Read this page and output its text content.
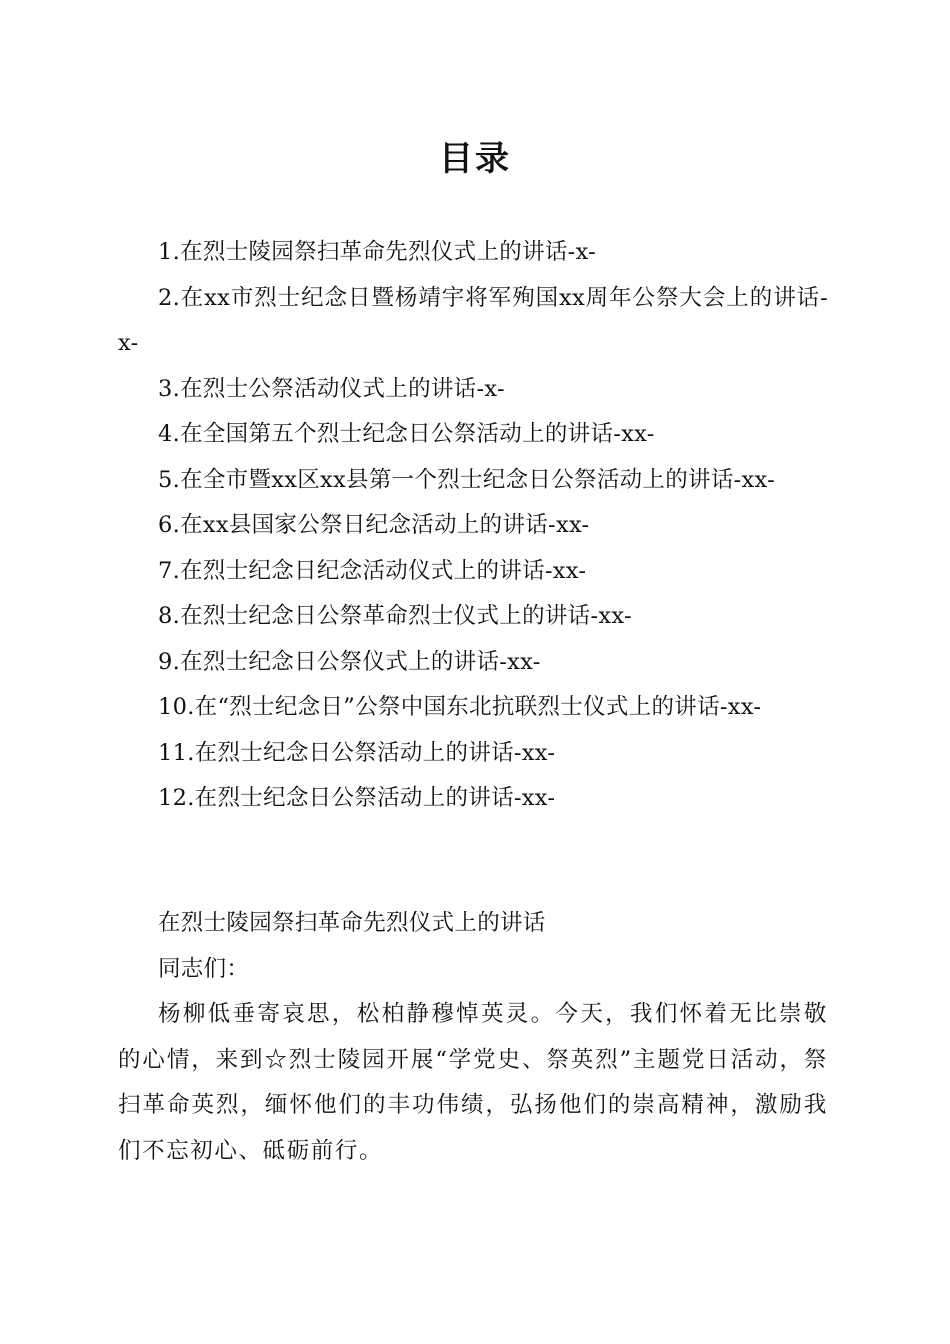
目录
1.在烈士陵园祭扫革命先烈仪式上的讲话-x-
2.在xx市烈士纪念日暨杨靖宇将军殉国xx周年公祭大会上的讲话-x-
3.在烈士公祭活动仪式上的讲话-x-
4.在全国第五个烈士纪念日公祭活动上的讲话-xx-
5.在全市暨xx区xx县第一个烈士纪念日公祭活动上的讲话-xx-
6.在xx县国家公祭日纪念活动上的讲话-xx-
7.在烈士纪念日纪念活动仪式上的讲话-xx-
8.在烈士纪念日公祭革命烈士仪式上的讲话-xx-
9.在烈士纪念日公祭仪式上的讲话-xx-
10.在“烈士纪念日”公祭中国东北抗联烈士仪式上的讲话-xx-
11.在烈士纪念日公祭活动上的讲话-xx-
12.在烈士纪念日公祭活动上的讲话-xx-

在烈士陵园祭扫革命先烈仪式上的讲话

同志们：

杨柳低垂寄哀思，松柏静穆悼英灵。今天，我们怀着无比崇敬的心情，来到☆烈士陵园开展“学党史、祭英烈”主题党日活动，祭扫革命英烈，缅怀他们的丰功伟绩，弘扬他们的崇高精神，激励我们不忘初心、砥砺前行。
